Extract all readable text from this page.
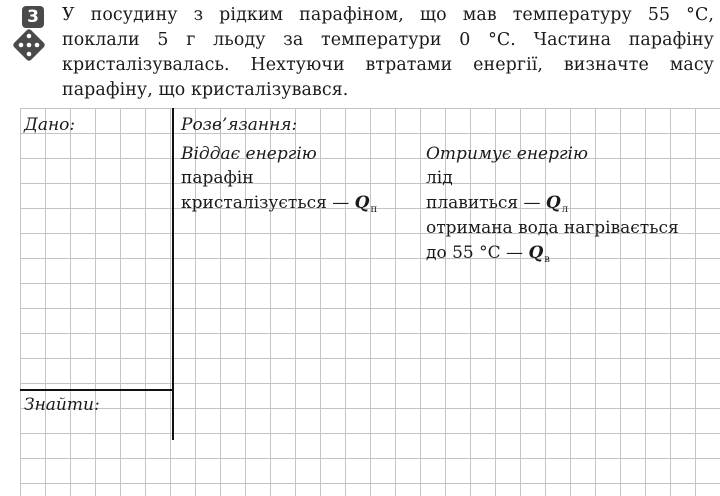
3 У посудину з рідким парафіном, що мав температуру 55 °С,
поклали 5 г льоду за температури 0 °С. Частина парафіну
кристалізувалась. Нехтуючи втратами енергії, визначте масу
парафіну, що кристалізувався.
Дано:	Розв’язання:
Віддає енергію
парафін
кристалізується — $Q_п$
Отримує енергію
лід
плавиться — $Q_л$
отримана вода нагрівається
до 55 °С — $Q_в$
Знайти:
